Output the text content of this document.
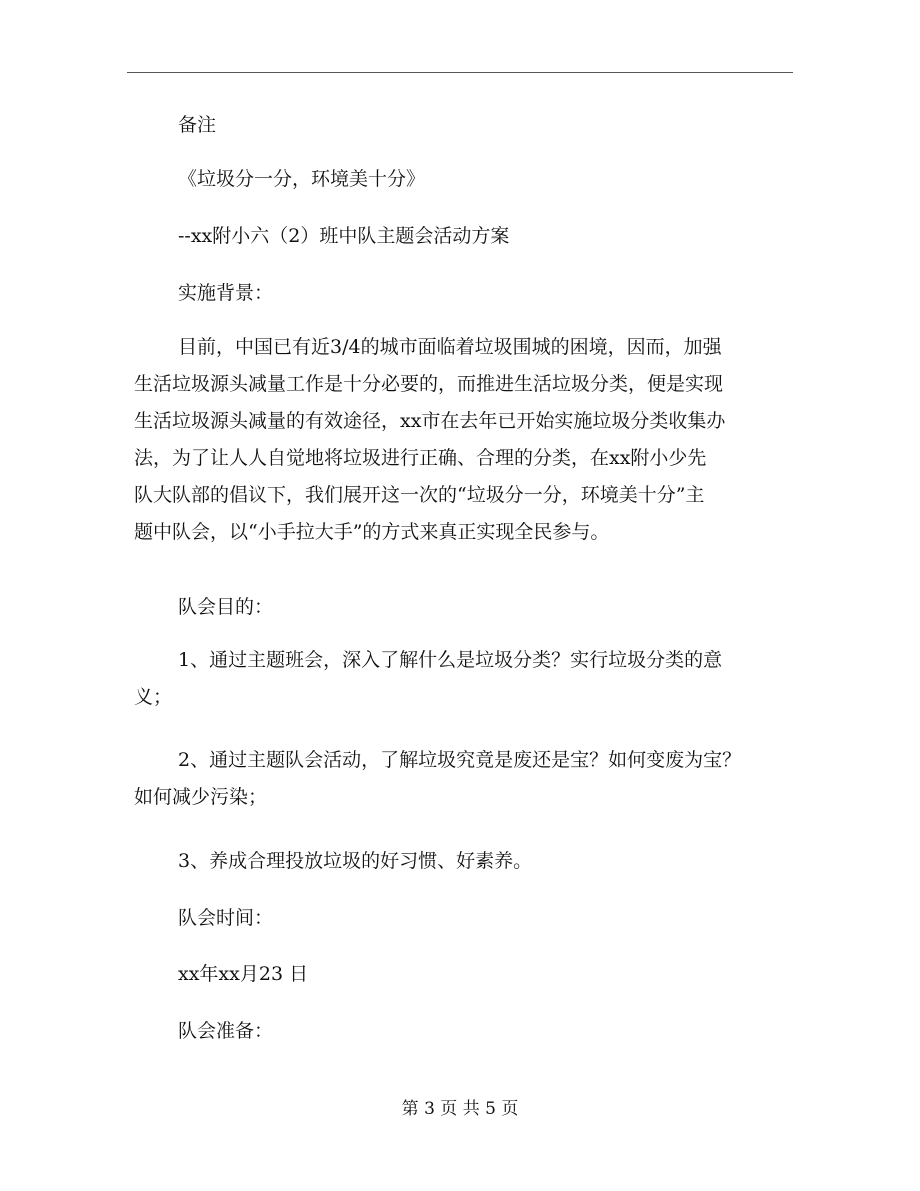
备注
《垃圾分一分，环境美十分》
--xx附小六（2）班中队主题会活动方案
实施背景：
目前，中国已有近3/4的城市面临着垃圾围城的困境，因而，加强
生活垃圾源头减量工作是十分必要的，而推进生活垃圾分类，便是实现
生活垃圾源头减量的有效途径，xx市在去年已开始实施垃圾分类收集办
法，为了让人人自觉地将垃圾进行正确、合理的分类，在xx附小少先
队大队部的倡议下，我们展开这一次的“垃圾分一分，环境美十分”主
题中队会，以“小手拉大手”的方式来真正实现全民参与。
队会目的：
1、通过主题班会，深入了解什么是垃圾分类？实行垃圾分类的意
义；
2、通过主题队会活动，了解垃圾究竟是废还是宝？如何变废为宝？
如何减少污染；
3、养成合理投放垃圾的好习惯、好素养。
队会时间：
xx年xx月23 日
队会准备：
第 3 页 共 5 页
